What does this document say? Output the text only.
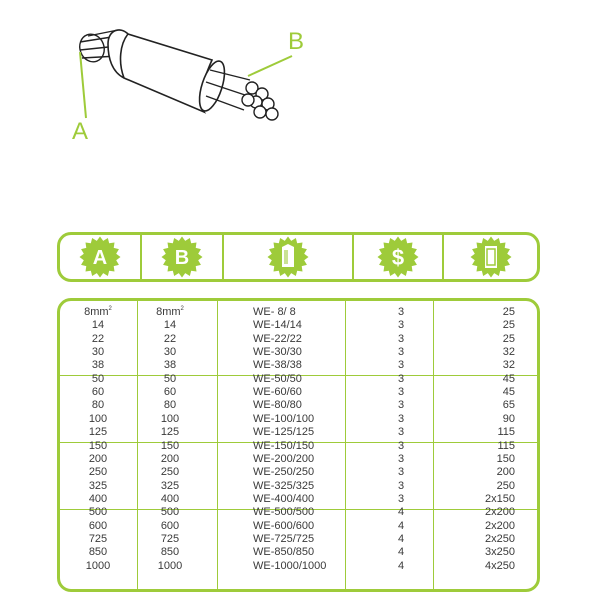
A
B
A	B	$
$8mm^2$	$8mm^2$	WE- 8/ 8	3	25
14	14	WE-14/14	3	25
22	22	WE-22/22	3	25
30	30	WE-30/30	3	32
38	38	WE-38/38	3	32
50	50	WE-50/50	3	45
60	60	WE-60/60	3	45
80	80	WE-80/80	3	65
100	100	WE-100/100	3	90
125	125	WE-125/125	3	115
150	150	WE-150/150	3	115
200	200	WE-200/200	3	150
250	250	WE-250/250	3	200
325	325	WE-325/325	3	250
400	400	WE-400/400	3	2x150
500	500	WE-500/500	4	2x200
600	600	WE-600/600	4	2x200
725	725	WE-725/725	4	2x250
850	850	WE-850/850	4	3x250
1000	1000	WE-1000/1000	4	4x250
